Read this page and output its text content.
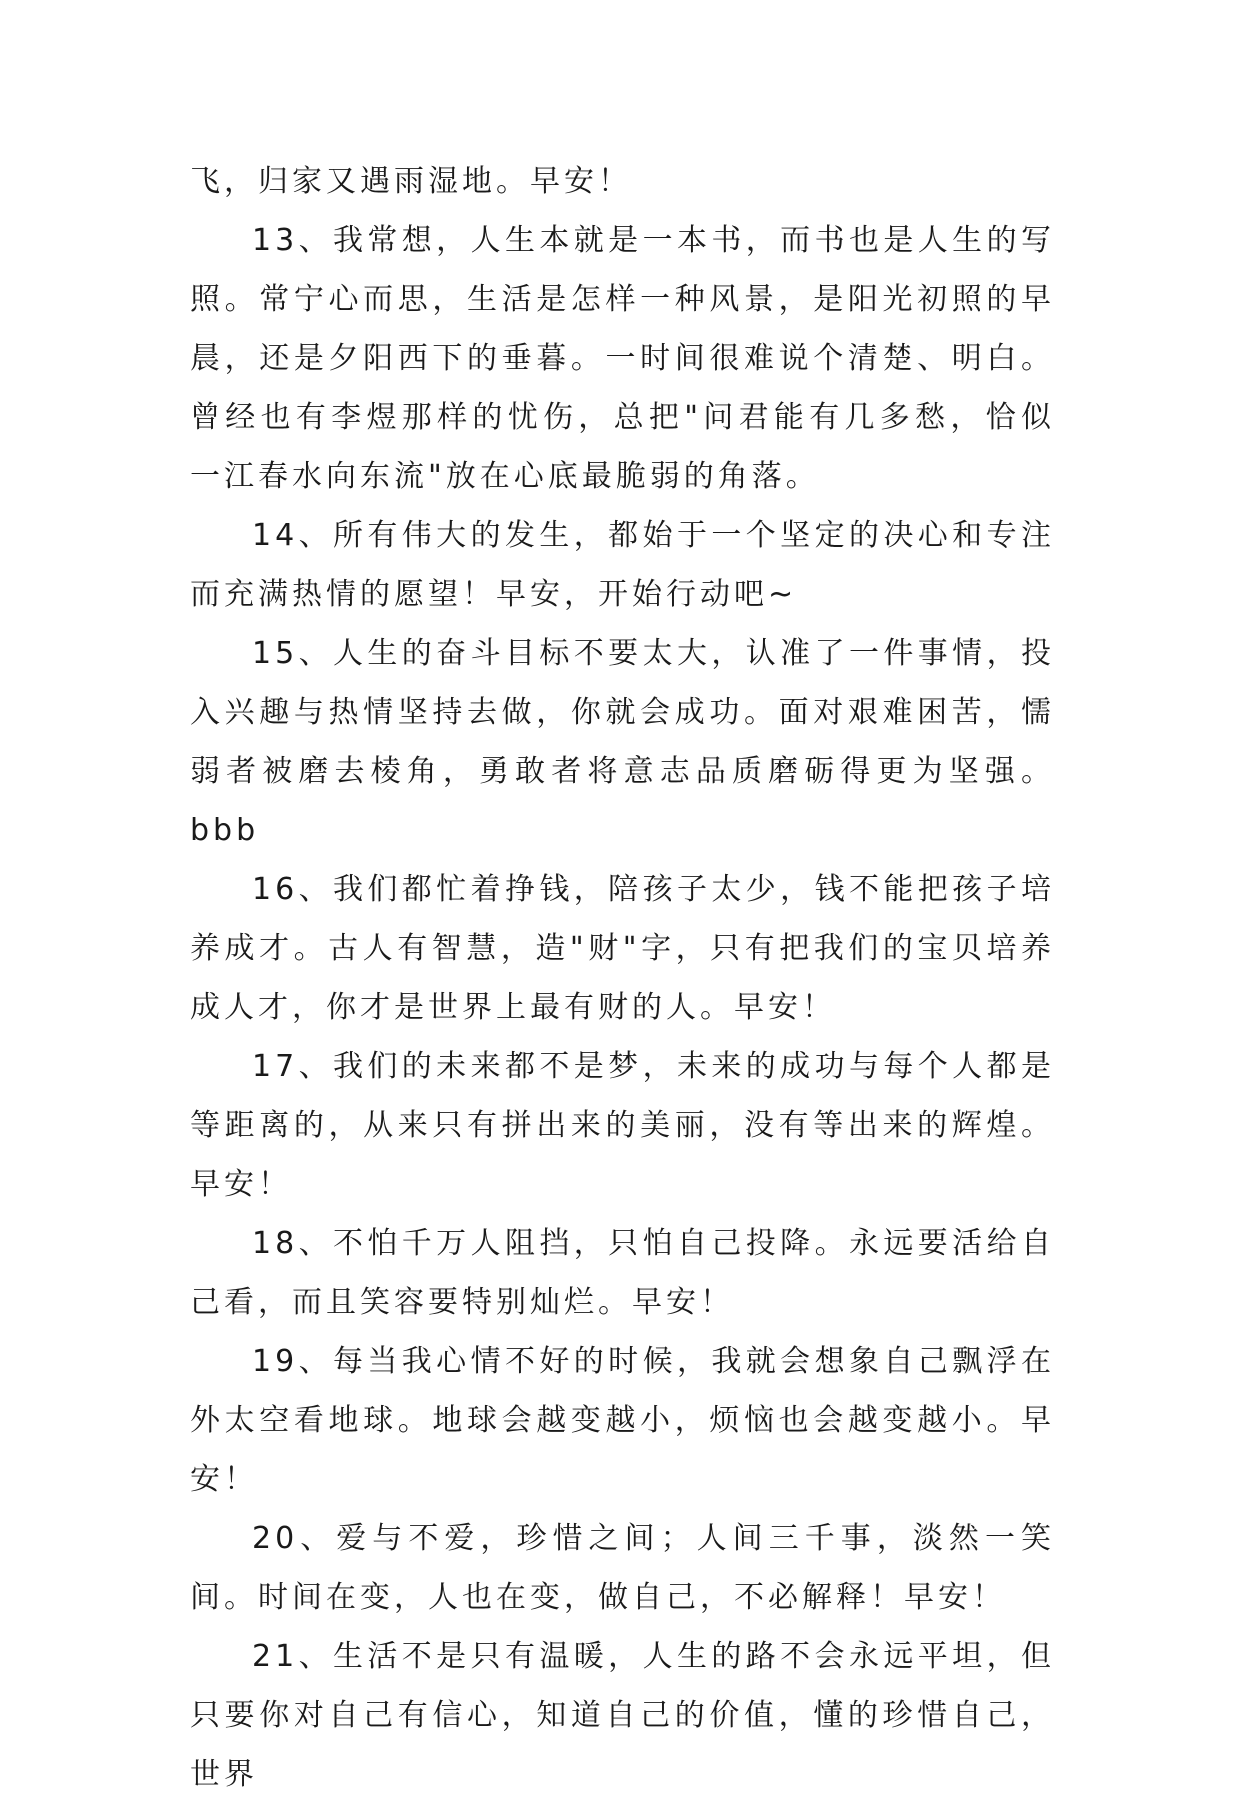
飞，归家又遇雨湿地。早安！

13、我常想，人生本就是一本书，而书也是人生的写照。常宁心而思，生活是怎样一种风景，是阳光初照的早晨，还是夕阳西下的垂暮。一时间很难说个清楚、明白。曾经也有李煜那样的忧伤，总把"问君能有几多愁，恰似一江春水向东流"放在心底最脆弱的角落。

14、所有伟大的发生，都始于一个坚定的决心和专注而充满热情的愿望！早安，开始行动吧~

15、人生的奋斗目标不要太大，认准了一件事情，投入兴趣与热情坚持去做，你就会成功。面对艰难困苦，懦弱者被磨去棱角，勇敢者将意志品质磨砺得更为坚强。bbb

16、我们都忙着挣钱，陪孩子太少，钱不能把孩子培养成才。古人有智慧，造"财"字，只有把我们的宝贝培养成人才，你才是世界上最有财的人。早安！

17、我们的未来都不是梦，未来的成功与每个人都是等距离的，从来只有拼出来的美丽，没有等出来的辉煌。早安！

18、不怕千万人阻挡，只怕自己投降。永远要活给自己看，而且笑容要特别灿烂。早安！

19、每当我心情不好的时候，我就会想象自己飘浮在外太空看地球。地球会越变越小，烦恼也会越变越小。早安！

20、爱与不爱，珍惜之间；人间三千事，淡然一笑间。时间在变，人也在变，做自己，不必解释！早安！

21、生活不是只有温暖，人生的路不会永远平坦，但只要你对自己有信心，知道自己的价值，懂的珍惜自己，世界
